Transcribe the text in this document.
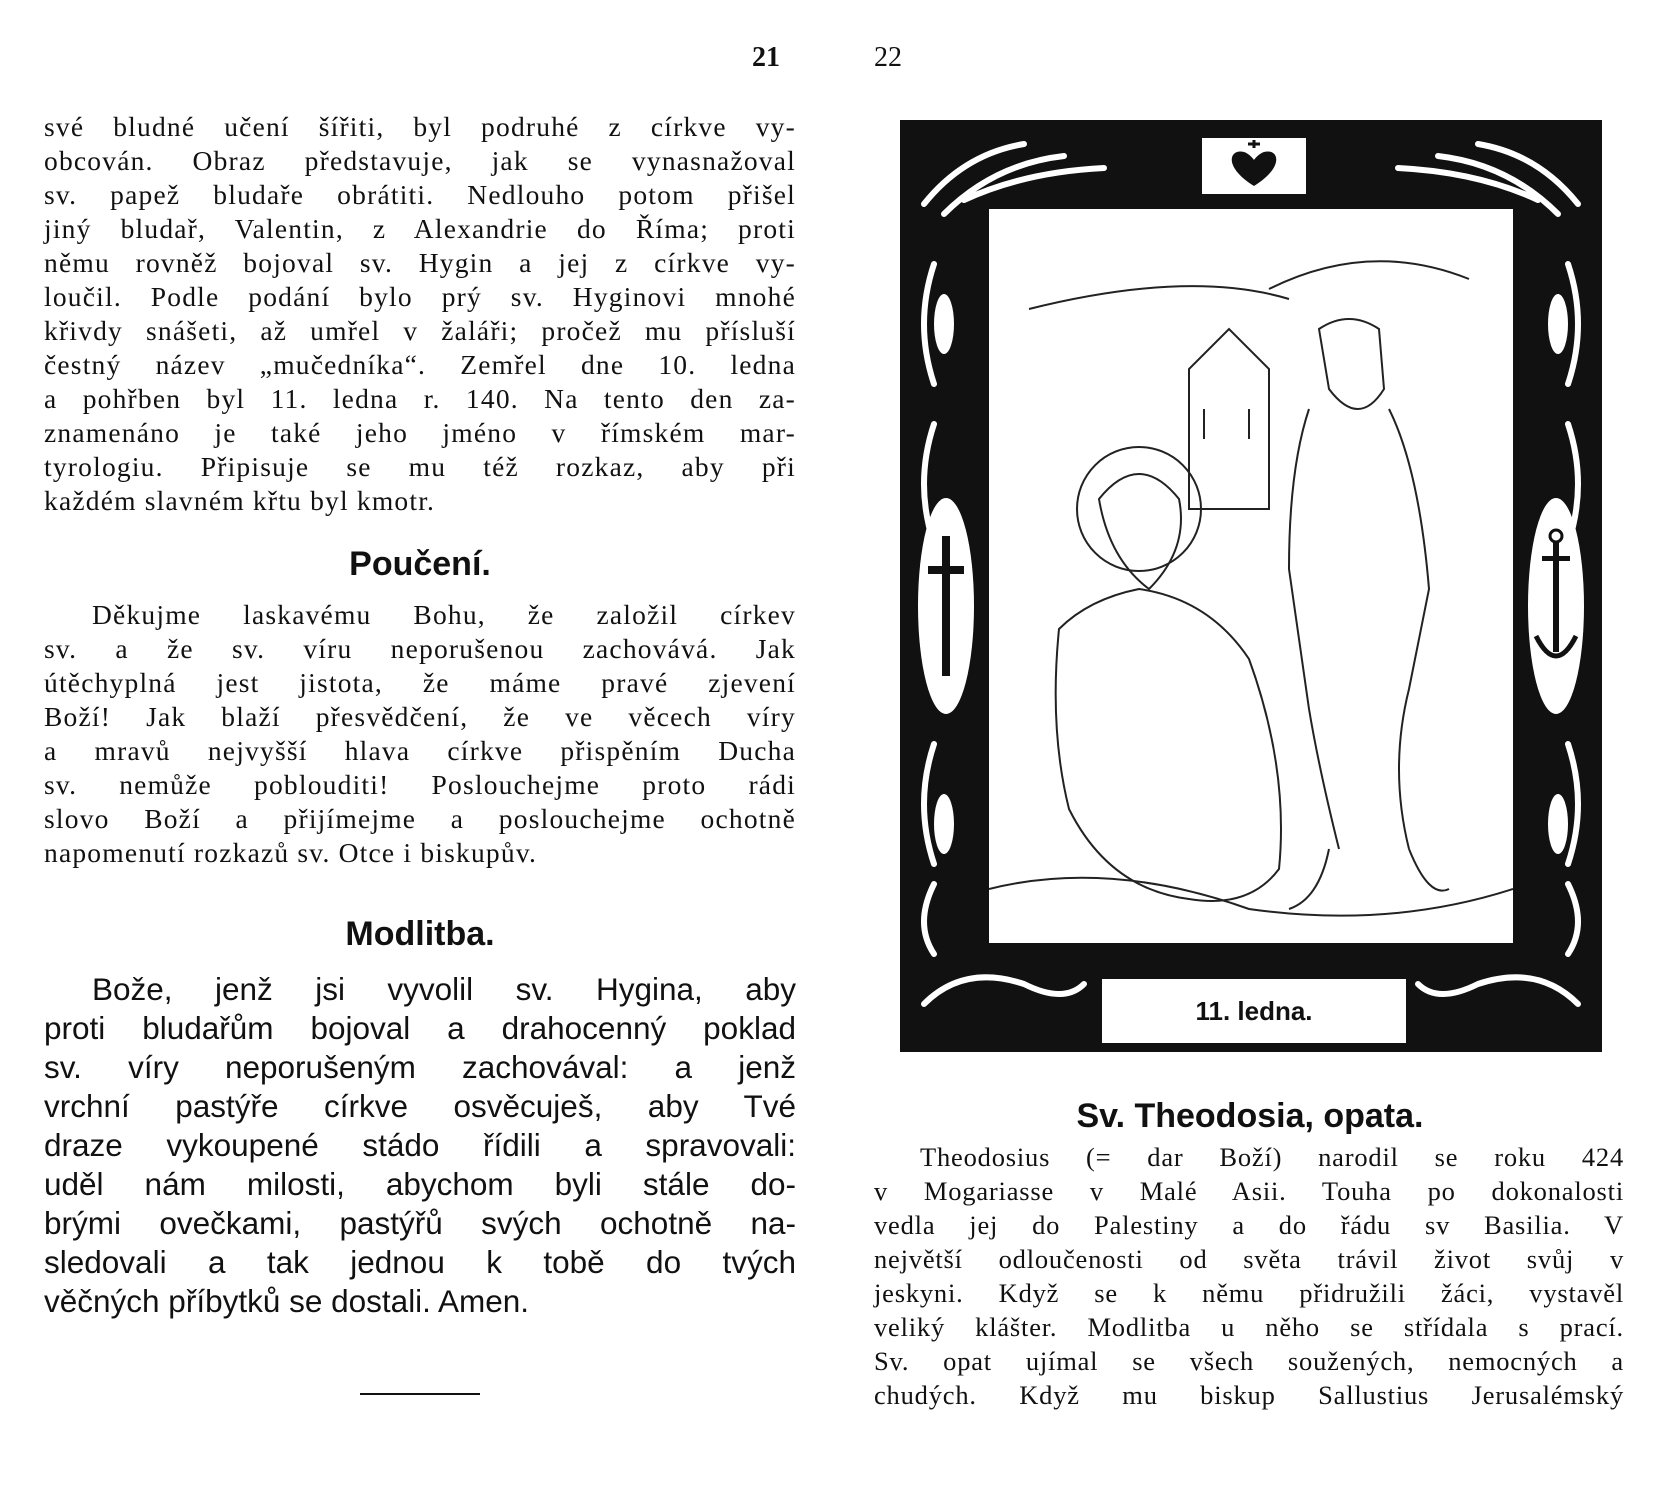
21
své bludné učení šířiti, byl podruhé z církve vy-
obcován. Obraz představuje, jak se vynasnažoval
sv. papež bludaře obrátiti. Nedlouho potom přišel
jiný bludař, Valentin, z Alexandrie do Říma; proti
němu rovněž bojoval sv. Hygin a jej z církve vy-
loučil. Podle podání bylo prý sv. Hyginovi mnohé
křivdy snášeti, až umřel v žaláři; pročež mu přísluší
čestný název „mučedníka“. Zemřel dne 10. ledna
a pohřben byl 11. ledna r. 140. Na tento den za-
znamenáno je také jeho jméno v římském mar-
tyrologiu. Připisuje se mu též rozkaz, aby při
každém slavném křtu byl kmotr.
Poučení.
Děkujme laskavému Bohu, že založil církev
sv. a že sv. víru neporušenou zachovává. Jak
útěchyplná jest jistota, že máme pravé zjevení
Boží! Jak blaží přesvědčení, že ve věcech víry
a mravů nejvyšší hlava církve přispěním Ducha
sv. nemůže poblouditi! Poslouchejme proto rádi
slovo Boží a přijímejme a poslouchejme ochotně
napomenutí rozkazů sv. Otce i biskupův.
Modlitba.
Bože, jenž jsi vyvolil sv. Hygina, aby
proti bludařům bojoval a drahocenný poklad
sv. víry neporušeným zachovával: a jenž
vrchní pastýře církve osvěcuješ, aby Tvé
draze vykoupené stádo řídili a spravovali:
uděl nám milosti, abychom byli stále do-
brými ovečkami, pastýřů svých ochotně na-
sledovali a tak jednou k tobě do tvých
věčných příbytků se dostali. Amen.
22
11. ledna.
Sv. Theodosia, opata.
Theodosius (= dar Boží) narodil se roku 424
v Mogariasse v Malé Asii. Touha po dokonalosti
vedla jej do Palestiny a do řádu sv Basilia. V
největší odloučenosti od světa trávil život svůj v
jeskyni. Když se k němu přidružili žáci, vystavěl
veliký klášter. Modlitba u něho se střídala s prací.
Sv. opat ujímal se všech soužených, nemocných a
chudých. Když mu biskup Sallustius Jerusalémský
